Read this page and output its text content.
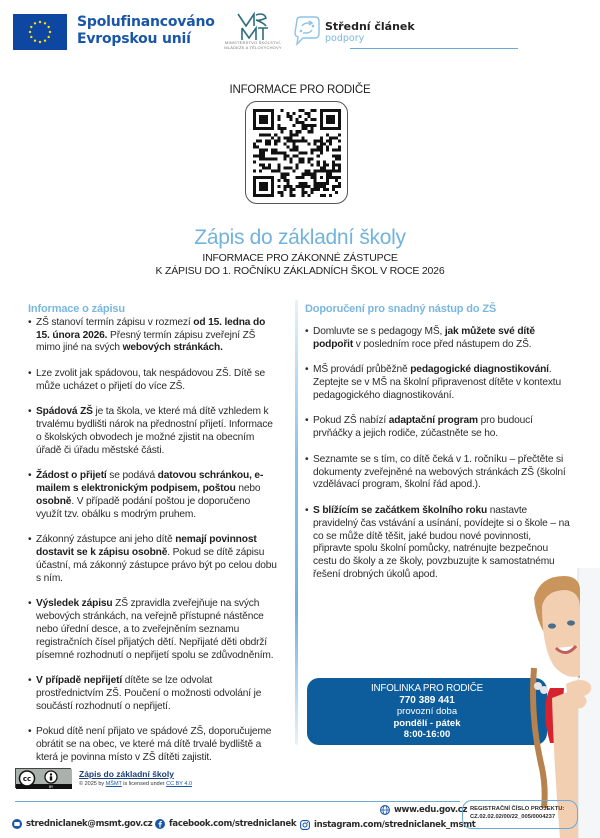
Spolufinancováno
Evropskou unií	MINISTERSTVO ŠKOLSTVÍ,
MLÁDEŽE A TĚLOVÝCHOVY
Střední článek
podpory
INFORMACE PRO RODIČE
Zápis do základní školy
INFORMACE PRO ZÁKONNÉ ZÁSTUPCE
K ZÁPISU DO 1. ROČNÍKU ZÁKLADNÍCH ŠKOL V ROCE 2026
Informace o zápisu
• ZŠ stanoví termín zápisu v rozmezí od 15. ledna do 15. února 2026. Přesný termín zápisu zveřejní ZŠ mimo jiné na svých webových stránkách.
• Lze zvolit jak spádovou, tak nespádovou ZŠ. Dítě se může ucházet o přijetí do více ZŠ.
• Spádová ZŠ je ta škola, ve které má dítě vzhledem k trvalému bydlišti nárok na přednostní přijetí. Informace o školských obvodech je možné zjistit na obecním úřadě či úřadu městské části.
• Žádost o přijetí se podává datovou schránkou, e-mailem s elektronickým podpisem, poštou nebo osobně. V případě podání poštou je doporučeno využít tzv. obálku s modrým pruhem.
• Zákonný zástupce ani jeho dítě nemají povinnost dostavit se k zápisu osobně. Pokud se dítě zápisu účastní, má zákonný zástupce právo být po celou dobu s ním.
• Výsledek zápisu ZŠ zpravidla zveřejňuje na svých webových stránkách, na veřejně přístupné nástěnce nebo úřední desce, a to zveřejněním seznamu registračních čísel přijatých dětí. Nepřijaté děti obdrží písemné rozhodnutí o nepřijetí spolu se zdůvodněním.
• V případě nepřijetí dítěte se lze odvolat prostřednictvím ZŠ. Poučení o možnosti odvolání je součástí rozhodnutí o nepřijetí.
• Pokud dítě není přijato ve spádové ZŠ, doporučujeme obrátit se na obec, ve které má dítě trvalé bydliště a která je povinna místo v ZŠ dítěti zajistit.
Doporučení pro snadný nástup do ZŠ
• Domluvte se s pedagogy MŠ, jak můžete své dítě podpořit v posledním roce před nástupem do ZŠ.
• MŠ provádí průběžně pedagogické diagnostikování. Zeptejte se v MŠ na školní připravenost dítěte v kontextu pedagogického diagnostikování.
• Pokud ZŠ nabízí adaptační program pro budoucí prvňáčky a jejich rodiče, zúčastněte se ho.
• Seznamte se s tím, co dítě čeká v 1. ročníku – přečtěte si dokumenty zveřejněné na webových stránkách ZŠ (školní vzdělávací program, školní řád apod.).
• S blížícím se začátkem školního roku nastavte pravidelný čas vstávání a usínání, povídejte si o škole – na co se může dítě těšit, jaké budou nové povinnosti, připravte spolu školní pomůcky, natrénujte bezpečnou cestu do školy a ze školy, povzbuzujte k samostatnému řešení drobných úkolů apod.
INFOLINKA PRO RODIČE
770 389 441
provozní doba
pondělí - pátek
8:00-16:00
cc
BY
Zápis do základní školy
© 2025 by MŠMT is licensed under CC BY 4.0
stredniclanek@msmt.gov.cz facebook.com/stredniclanek
www.edu.gov.cz
instagram.com/stredniclanek_msmt
REGISTRAČNÍ ČÍSLO PROJEKTU:
CZ.02.02.02/00/22_005/0004237
